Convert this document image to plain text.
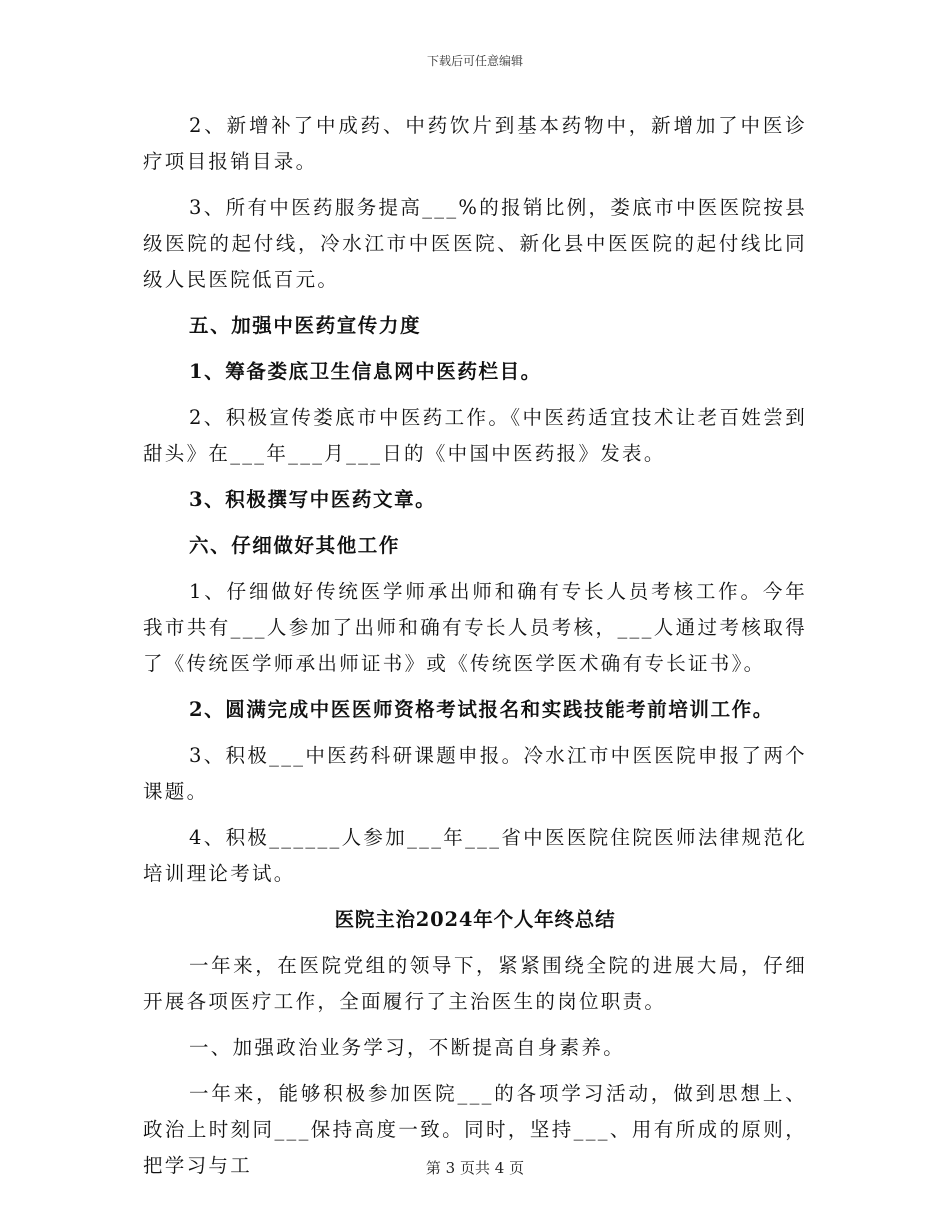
下载后可任意编辑

2、新增补了中成药、中药饮片到基本药物中，新增加了中医诊疗项目报销目录。

3、所有中医药服务提高___%的报销比例，娄底市中医医院按县级医院的起付线，冷水江市中医医院、新化县中医医院的起付线比同级人民医院低百元。

五、加强中医药宣传力度

1、筹备娄底卫生信息网中医药栏目。

2、积极宣传娄底市中医药工作。《中医药适宜技术让老百姓尝到甜头》在___年___月___日的《中国中医药报》发表。

3、积极撰写中医药文章。

六、仔细做好其他工作

1、仔细做好传统医学师承出师和确有专长人员考核工作。今年我市共有___人参加了出师和确有专长人员考核，___人通过考核取得了《传统医学师承出师证书》或《传统医学医术确有专长证书》。

2、圆满完成中医医师资格考试报名和实践技能考前培训工作。

3、积极___中医药科研课题申报。冷水江市中医医院申报了两个课题。

4、积极______人参加___年___省中医医院住院医师法律规范化培训理论考试。

医院主治2024年个人年终总结

一年来，在医院党组的领导下，紧紧围绕全院的进展大局，仔细开展各项医疗工作，全面履行了主治医生的岗位职责。

一、加强政治业务学习，不断提高自身素养。

一年来，能够积极参加医院___的各项学习活动，做到思想上、政治上时刻同___保持高度一致。同时，坚持___、用有所成的原则，把学习与工	第 3 页共 4 页
